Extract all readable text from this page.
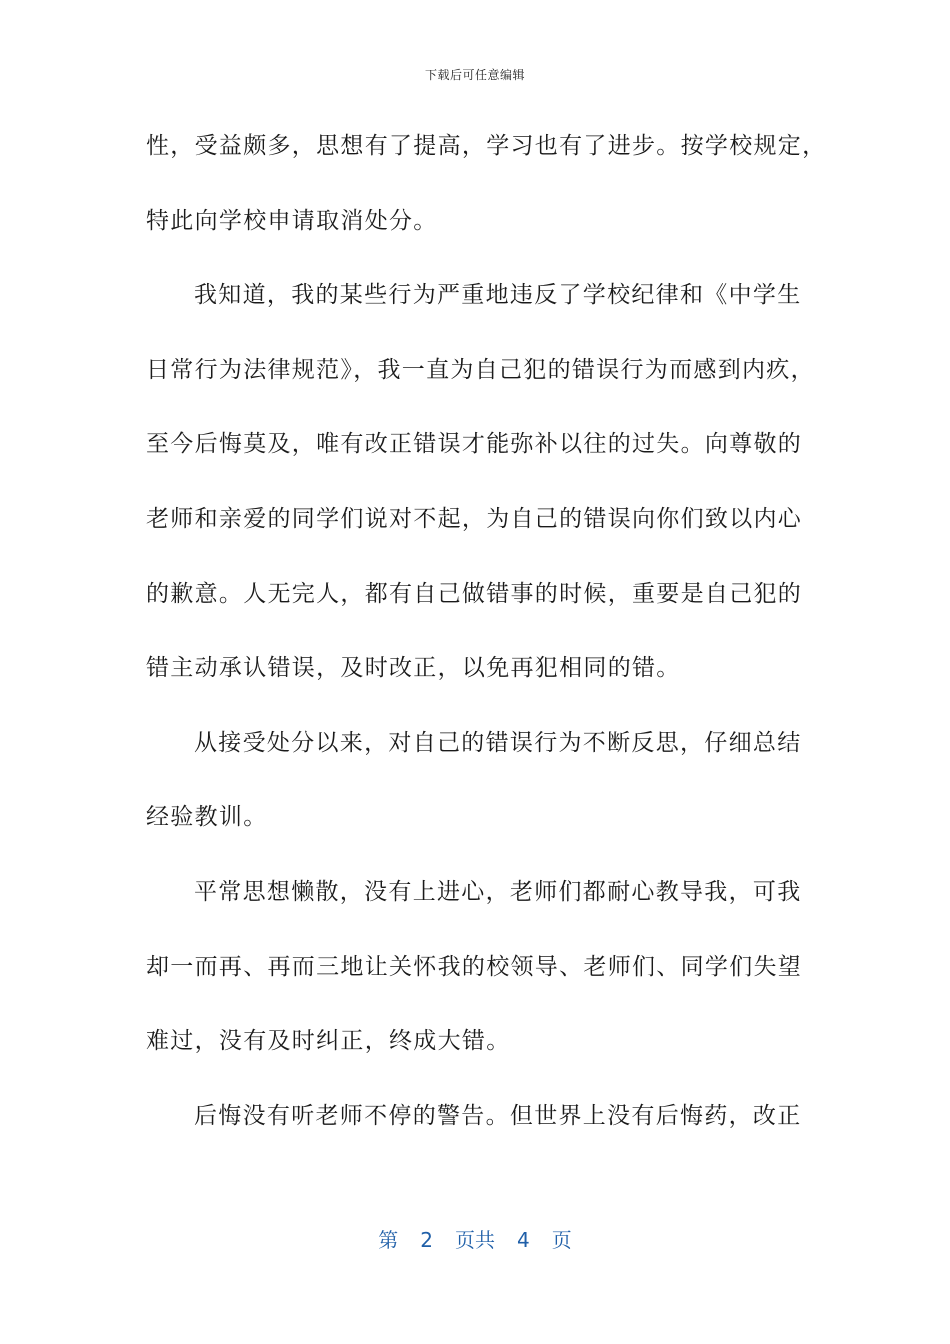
下载后可任意编辑
性，受益颇多，思想有了提高，学习也有了进步。按学校规定，
特此向学校申请取消处分。
我知道，我的某些行为严重地违反了学校纪律和《中学生
日常行为法律规范》，我一直为自己犯的错误行为而感到内疚，
至今后悔莫及，唯有改正错误才能弥补以往的过失。向尊敬的
老师和亲爱的同学们说对不起，为自己的错误向你们致以内心
的歉意。人无完人，都有自己做错事的时候，重要是自己犯的
错主动承认错误，及时改正，以免再犯相同的错。
从接受处分以来，对自己的错误行为不断反思，仔细总结
经验教训。
平常思想懒散，没有上进心，老师们都耐心教导我，可我
却一而再、再而三地让关怀我的校领导、老师们、同学们失望
难过，没有及时纠正，终成大错。
后悔没有听老师不停的警告。但世界上没有后悔药，改正
第 2 页共 4 页
